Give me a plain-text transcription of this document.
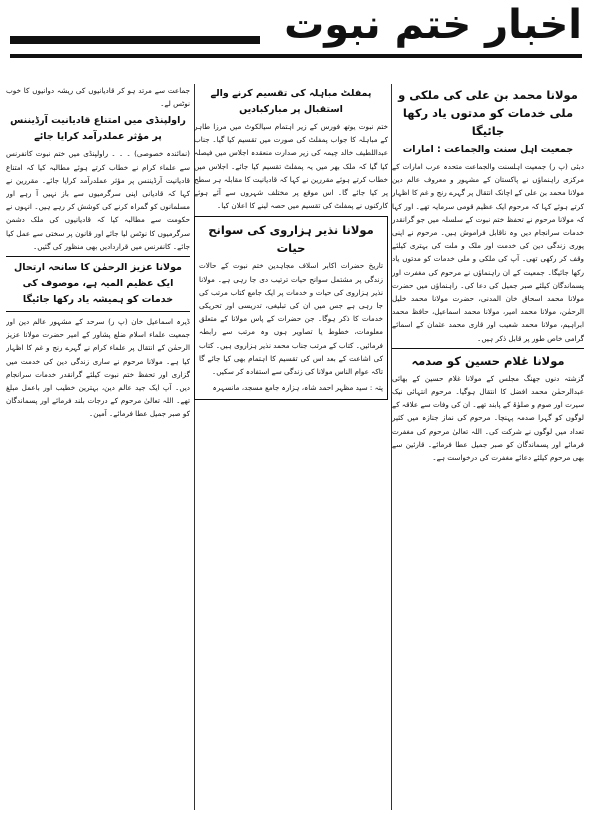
اخبار ختم نبوت
مولانا محمد بن علی کی ملکی و ملی خدمات کو مدتوں یاد رکھا جائیگا
جمعیت اہل سنت والجماعت : امارات

دبئی (پ ر) جمعیت اہلسنت والجماعت متحدہ عرب امارات کے مرکزی راہنماؤں نے پاکستان کے مشہور و معروف عالم دین مولانا محمد بن علی کے اچانک انتقال پر گہرے رنج و غم کا اظہار کرتے ہوئے کہا کہ مرحوم ایک عظیم قومی سرمایہ تھے۔ اور کہا کہ مولانا مرحوم نے تحفظ ختم نبوت کے سلسلہ میں جو گرانقدر خدمات سرانجام دیں وہ ناقابل فراموش ہیں۔ مرحوم نے اپنی پوری زندگی دین کی خدمت اور ملک و ملت کی بہتری کیلئے وقف کر رکھی تھی۔ آپ کی ملکی و ملی خدمات کو مدتوں یاد رکھا جائیگا۔ جمعیت کے ان راہنماؤں نے مرحوم کی مغفرت اور پسماندگان کیلئے صبر جمیل کی دعا کی۔ راہنماؤں میں حضرت مولانا محمد اسحاق خان المدنی، حضرت مولانا محمد خلیل الرحمٰن، مولانا محمد امیر، مولانا محمد اسماعیل، حافظ محمد ابراہیم، مولانا محمد شعیب اور قاری محمد عثمان کے اسمائے گرامی خاص طور پر قابل ذکر ہیں۔

مولانا غلام حسین کو صدمہ

گزشتہ دنوں جھنگ مجلس کے مولانا غلام حسین کے بھائی عبدالرحمٰن محمد افضل کا انتقال ہوگیا۔ مرحوم انتہائی نیک سیرت اور صوم و صلوٰۃ کے پابند تھے۔ ان کی وفات سے علاقہ کے لوگوں کو گہرا صدمہ پہنچا۔ مرحوم کی نماز جنازہ میں کثیر تعداد میں لوگوں نے شرکت کی۔ اللہ تعالیٰ مرحوم کی مغفرت فرمائے اور پسماندگان کو صبر جمیل عطا فرمائے۔ قارئین سے بھی مرحوم کیلئے دعائے مغفرت کی درخواست ہے۔

پمفلٹ مباہلہ کی تقسیم کرنے والے استقبال پر مبارکبادیں

ختم نبوت یوتھ فورس کے زیر اہتمام سیالکوٹ میں مرزا طاہر کے مباہلہ کا جواب پمفلٹ کی صورت میں تقسیم کیا گیا۔ جناب عبداللطیف خالد چیمہ کی زیر صدارت منعقدہ اجلاس میں فیصلہ کیا گیا کہ ملک بھر میں یہ پمفلٹ تقسیم کیا جائے۔ اجلاس میں خطاب کرتے ہوئے مقررین نے کہا کہ قادیانیت کا مقابلہ ہر سطح پر کیا جائے گا۔ اس موقع پر مختلف شہروں سے آئے ہوئے کارکنوں نے پمفلٹ کی تقسیم میں حصہ لینے کا اعلان کیا۔

مولانا نذیر ہزاروی کی سوانح حیات

تاریخ حضرات اکابر اسلاف مجاہدین ختم نبوت کے حالات زندگی پر مشتمل سوانح حیات ترتیب دی جا رہی ہے۔ مولانا نذیر ہزاروی کی حیات و خدمات پر ایک جامع کتاب مرتب کی جا رہی ہے جس میں ان کی تبلیغی، تدریسی اور تحریکی خدمات کا ذکر ہوگا۔ جن حضرات کے پاس مولانا کے متعلق معلومات، خطوط یا تصاویر ہوں وہ مرتب سے رابطہ فرمائیں۔ کتاب کے مرتب جناب محمد نذیر ہزاروی ہیں۔ کتاب کی اشاعت کے بعد اس کی تقسیم کا اہتمام بھی کیا جائے گا تاکہ عوام الناس مولانا کی زندگی سے استفادہ کر سکیں۔

پتہ : سید مظہر احمد شاہ، ہزارہ جامع مسجد، مانسہرہ

جماعت سے مرتد ہو کر قادیانیوں کی ریشہ دوانیوں کا خوب نوٹس لے۔

راولپنڈی میں امتناع قادیانیت آرڈیننس پر مؤثر عملدرآمد کرایا جائے

(نمائندہ خصوصی) ۔ ۔ ۔ راولپنڈی میں ختم نبوت کانفرنس سے علماء کرام نے خطاب کرتے ہوئے مطالبہ کیا کہ امتناع قادیانیت آرڈیننس پر مؤثر عملدرآمد کرایا جائے۔ مقررین نے کہا کہ قادیانی اپنی سرگرمیوں سے باز نہیں آ رہے اور مسلمانوں کو گمراہ کرنے کی کوشش کر رہے ہیں۔ انہوں نے حکومت سے مطالبہ کیا کہ قادیانیوں کی ملک دشمن سرگرمیوں کا نوٹس لیا جائے اور قانون پر سختی سے عمل کیا جائے۔ کانفرنس میں قراردادیں بھی منظور کی گئیں۔

مولانا عزیز الرحمٰن کا سانحہ ارتحال ایک عظیم المیہ ہے، موصوف کی خدمات کو ہمیشہ یاد رکھا جائیگا

ڈیرہ اسماعیل خان (پ ر) سرحد کے مشہور عالم دین اور جمعیت علماء اسلام ضلع پشاور کے امیر حضرت مولانا عزیز الرحمٰن کے انتقال پر علماء کرام نے گہرے رنج و غم کا اظہار کیا ہے۔ مولانا مرحوم نے ساری زندگی دین کی خدمت میں گزاری اور تحفظ ختم نبوت کیلئے گرانقدر خدمات سرانجام دیں۔ آپ ایک جید عالم دین، بہترین خطیب اور باعمل مبلغ تھے۔ اللہ تعالیٰ مرحوم کے درجات بلند فرمائے اور پسماندگان کو صبر جمیل عطا فرمائے۔ آمین۔
